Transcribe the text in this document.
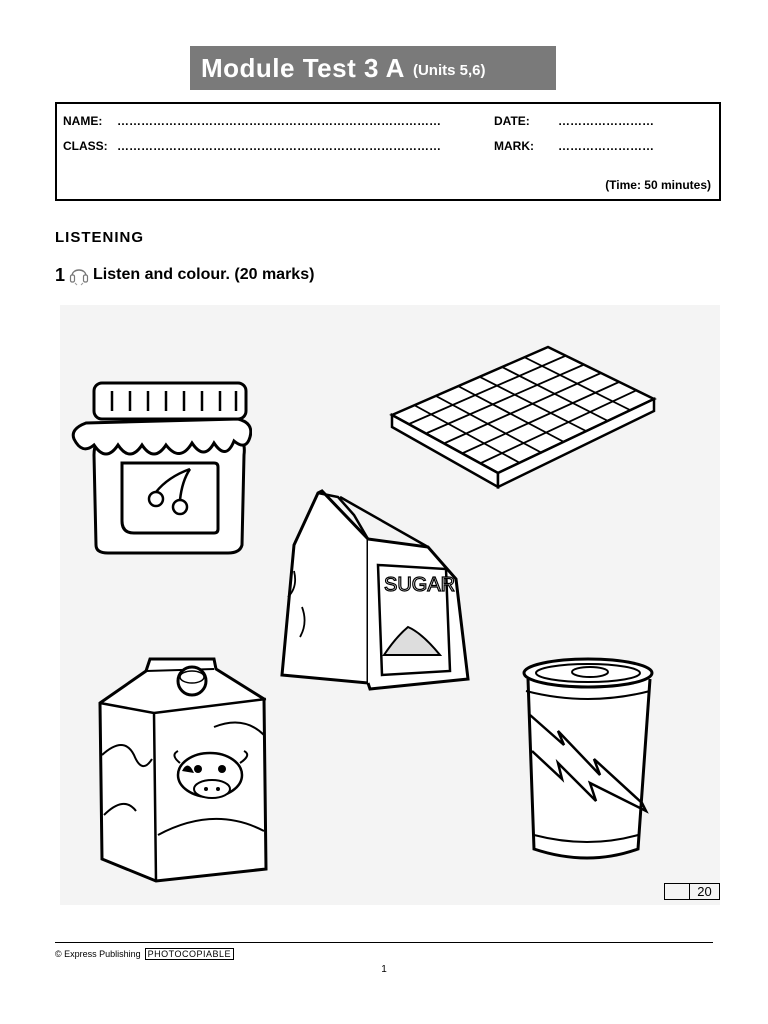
Module Test 3 A (Units 5,6)
NAME: ………………………………………………………………………	DATE: ……………………
CLASS: ………………………………………………………………………	MARK: ……………………
(Time: 50 minutes)
LISTENING
1 Listen and colour. (20 marks)
SUGAR
20
© Express Publishing PHOTOCOPIABLE
1
